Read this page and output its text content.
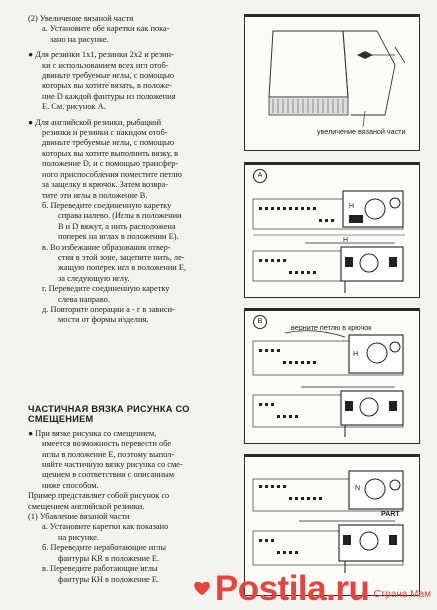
(2) Увеличение вязаной части
а. Установите обе каретки как пока-
зано на рисунке.
● Для резинки 1х1, резинки 2х2 и резин-
ки с использованием всех игл отоб-
двиньте требуемые иглы, с помощью
которых вы хотите вязать, в положе-
ние D каждой фантуры из положения
Е. См. рисунок А.
● Для английской резинки, рыбацкой
резинки и резинки с накидом отоб-
двиньте требуемые иглы, с помощью
которых вы хотите выполнить вязку, в
положение D, и с помощью трансфер-
ного приспособления поместите петлю
за защелку в крючок. Затем возвра-
тите эти иглы в положение В.
б. Переведите соединенную каретку
справа налево. (Иглы в положении
В и D вяжут, а нить расположена
поперек на иглах в положении Е).
в. Во избежание образования отвер-
стия в этой зоне, зацепите нить, ле-
жащую поперек игл в положении Е,
за следующую иглу.
г. Переведите соединенную каретку
слева направо.
д. Повторите операции а - г в зависи-
мости от формы изделия.
ЧАСТИЧНАЯ ВЯЗКА РИСУНКА СО
СМЕЩЕНИЕМ
● При вязке рисунка со смещением,
имеется возможность перевести обе
иглы в положение Е, поэтому выпол-
няйте частичную вязку рисунка со сме-
щением в соответствии с описанным
ниже способом.
Пример представляет собой рисунок со
смещением английской резинки.
(1) Убавление вязаной части
а. Установите каретки как показано
на рисунке.
б. Переведите неработающие иглы
фантуры KR в положение Е.
в. Переведите работающие иглы
фантуры КН в положение Е.
увеличение вязаной части
A
H
H
B
верните петлю в крючок
H
N
PART
Postila.ru Страна Мам
